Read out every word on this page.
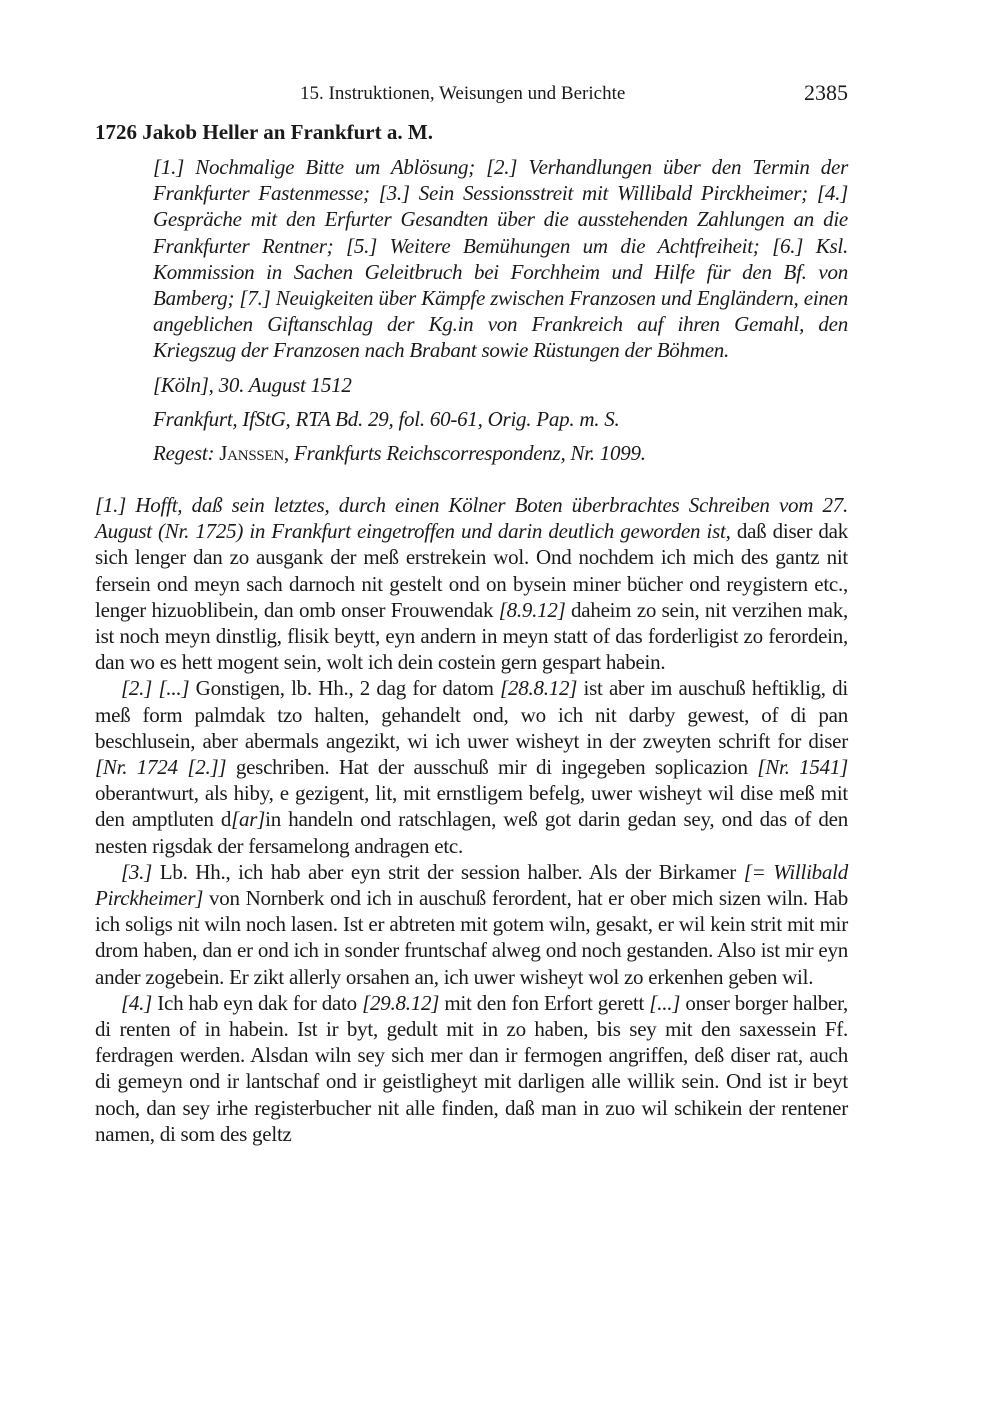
15. Instruktionen, Weisungen und Berichte	2385
1726 Jakob Heller an Frankfurt a. M.

[1.] Nochmalige Bitte um Ablösung; [2.] Verhandlungen über den Termin der Frankfurter Fastenmesse; [3.] Sein Sessionsstreit mit Willibald Pirckheimer; [4.] Gespräche mit den Erfurter Gesandten über die ausstehenden Zahlungen an die Frankfurter Rentner; [5.] Weitere Bemühungen um die Achtfreiheit; [6.] Ksl. Kommission in Sachen Geleitbruch bei Forchheim und Hilfe für den Bf. von Bamberg; [7.] Neuigkeiten über Kämpfe zwischen Franzosen und Engländern, einen angeblichen Giftanschlag der Kg.in von Frankreich auf ihren Gemahl, den Kriegszug der Franzosen nach Brabant sowie Rüstungen der Böhmen.

[Köln], 30. August 1512

Frankfurt, IfStG, RTA Bd. 29, fol. 60-61, Orig. Pap. m. S.

Regest: Janssen, Frankfurts Reichscorrespondenz, Nr. 1099.

[1.] Hofft, daß sein letztes, durch einen Kölner Boten überbrachtes Schreiben vom 27. August (Nr. 1725) in Frankfurt eingetroffen und darin deutlich geworden ist, daß diser dak sich lenger dan zo ausgank der meß erstrekein wol. Ond nochdem ich mich des gantz nit fersein ond meyn sach darnoch nit gestelt ond on bysein miner bücher ond reygistern etc., lenger hizuoblibein, dan omb onser Frouwendak [8.9.12] daheim zo sein, nit verzihen mak, ist noch meyn dinstlig, flisik beytt, eyn andern in meyn statt of das forderligist zo ferordein, dan wo es hett mogent sein, wolt ich dein costein gern gespart habein.

[2.] [...] Gonstigen, lb. Hh., 2 dag for datom [28.8.12] ist aber im auschuß heftiklig, di meß form palmdak tzo halten, gehandelt ond, wo ich nit darby gewest, of di pan beschlusein, aber abermals angezikt, wi ich uwer wisheyt in der zweyten schrift for diser [Nr. 1724 [2.]] geschriben. Hat der ausschuß mir di ingegeben soplicazion [Nr. 1541] oberantwurt, als hiby, e gezigent, lit, mit ernstligem befelg, uwer wisheyt wil dise meß mit den amptluten d[ar]in handeln ond ratschlagen, weß got darin gedan sey, ond das of den nesten rigsdak der fersamelong andragen etc.

[3.] Lb. Hh., ich hab aber eyn strit der session halber. Als der Birkamer [= Willibald Pirckheimer] von Nornberk ond ich in auschuß ferordent, hat er ober mich sizen wiln. Hab ich soligs nit wiln noch lasen. Ist er abtreten mit gotem wiln, gesakt, er wil kein strit mit mir drom haben, dan er ond ich in sonder fruntschaf alweg ond noch gestanden. Also ist mir eyn ander zogebein. Er zikt allerly orsahen an, ich uwer wisheyt wol zo erkenhen geben wil.

[4.] Ich hab eyn dak for dato [29.8.12] mit den fon Erfort gerett [...] onser borger halber, di renten of in habein. Ist ir byt, gedult mit in zo haben, bis sey mit den saxessein Ff. ferdragen werden. Alsdan wiln sey sich mer dan ir fermogen angriffen, deß diser rat, auch di gemeyn ond ir lantschaf ond ir geistligheyt mit darligen alle willik sein. Ond ist ir beyt noch, dan sey irhe registerbucher nit alle finden, daß man in zuo wil schikein der rentener namen, di som des geltz
